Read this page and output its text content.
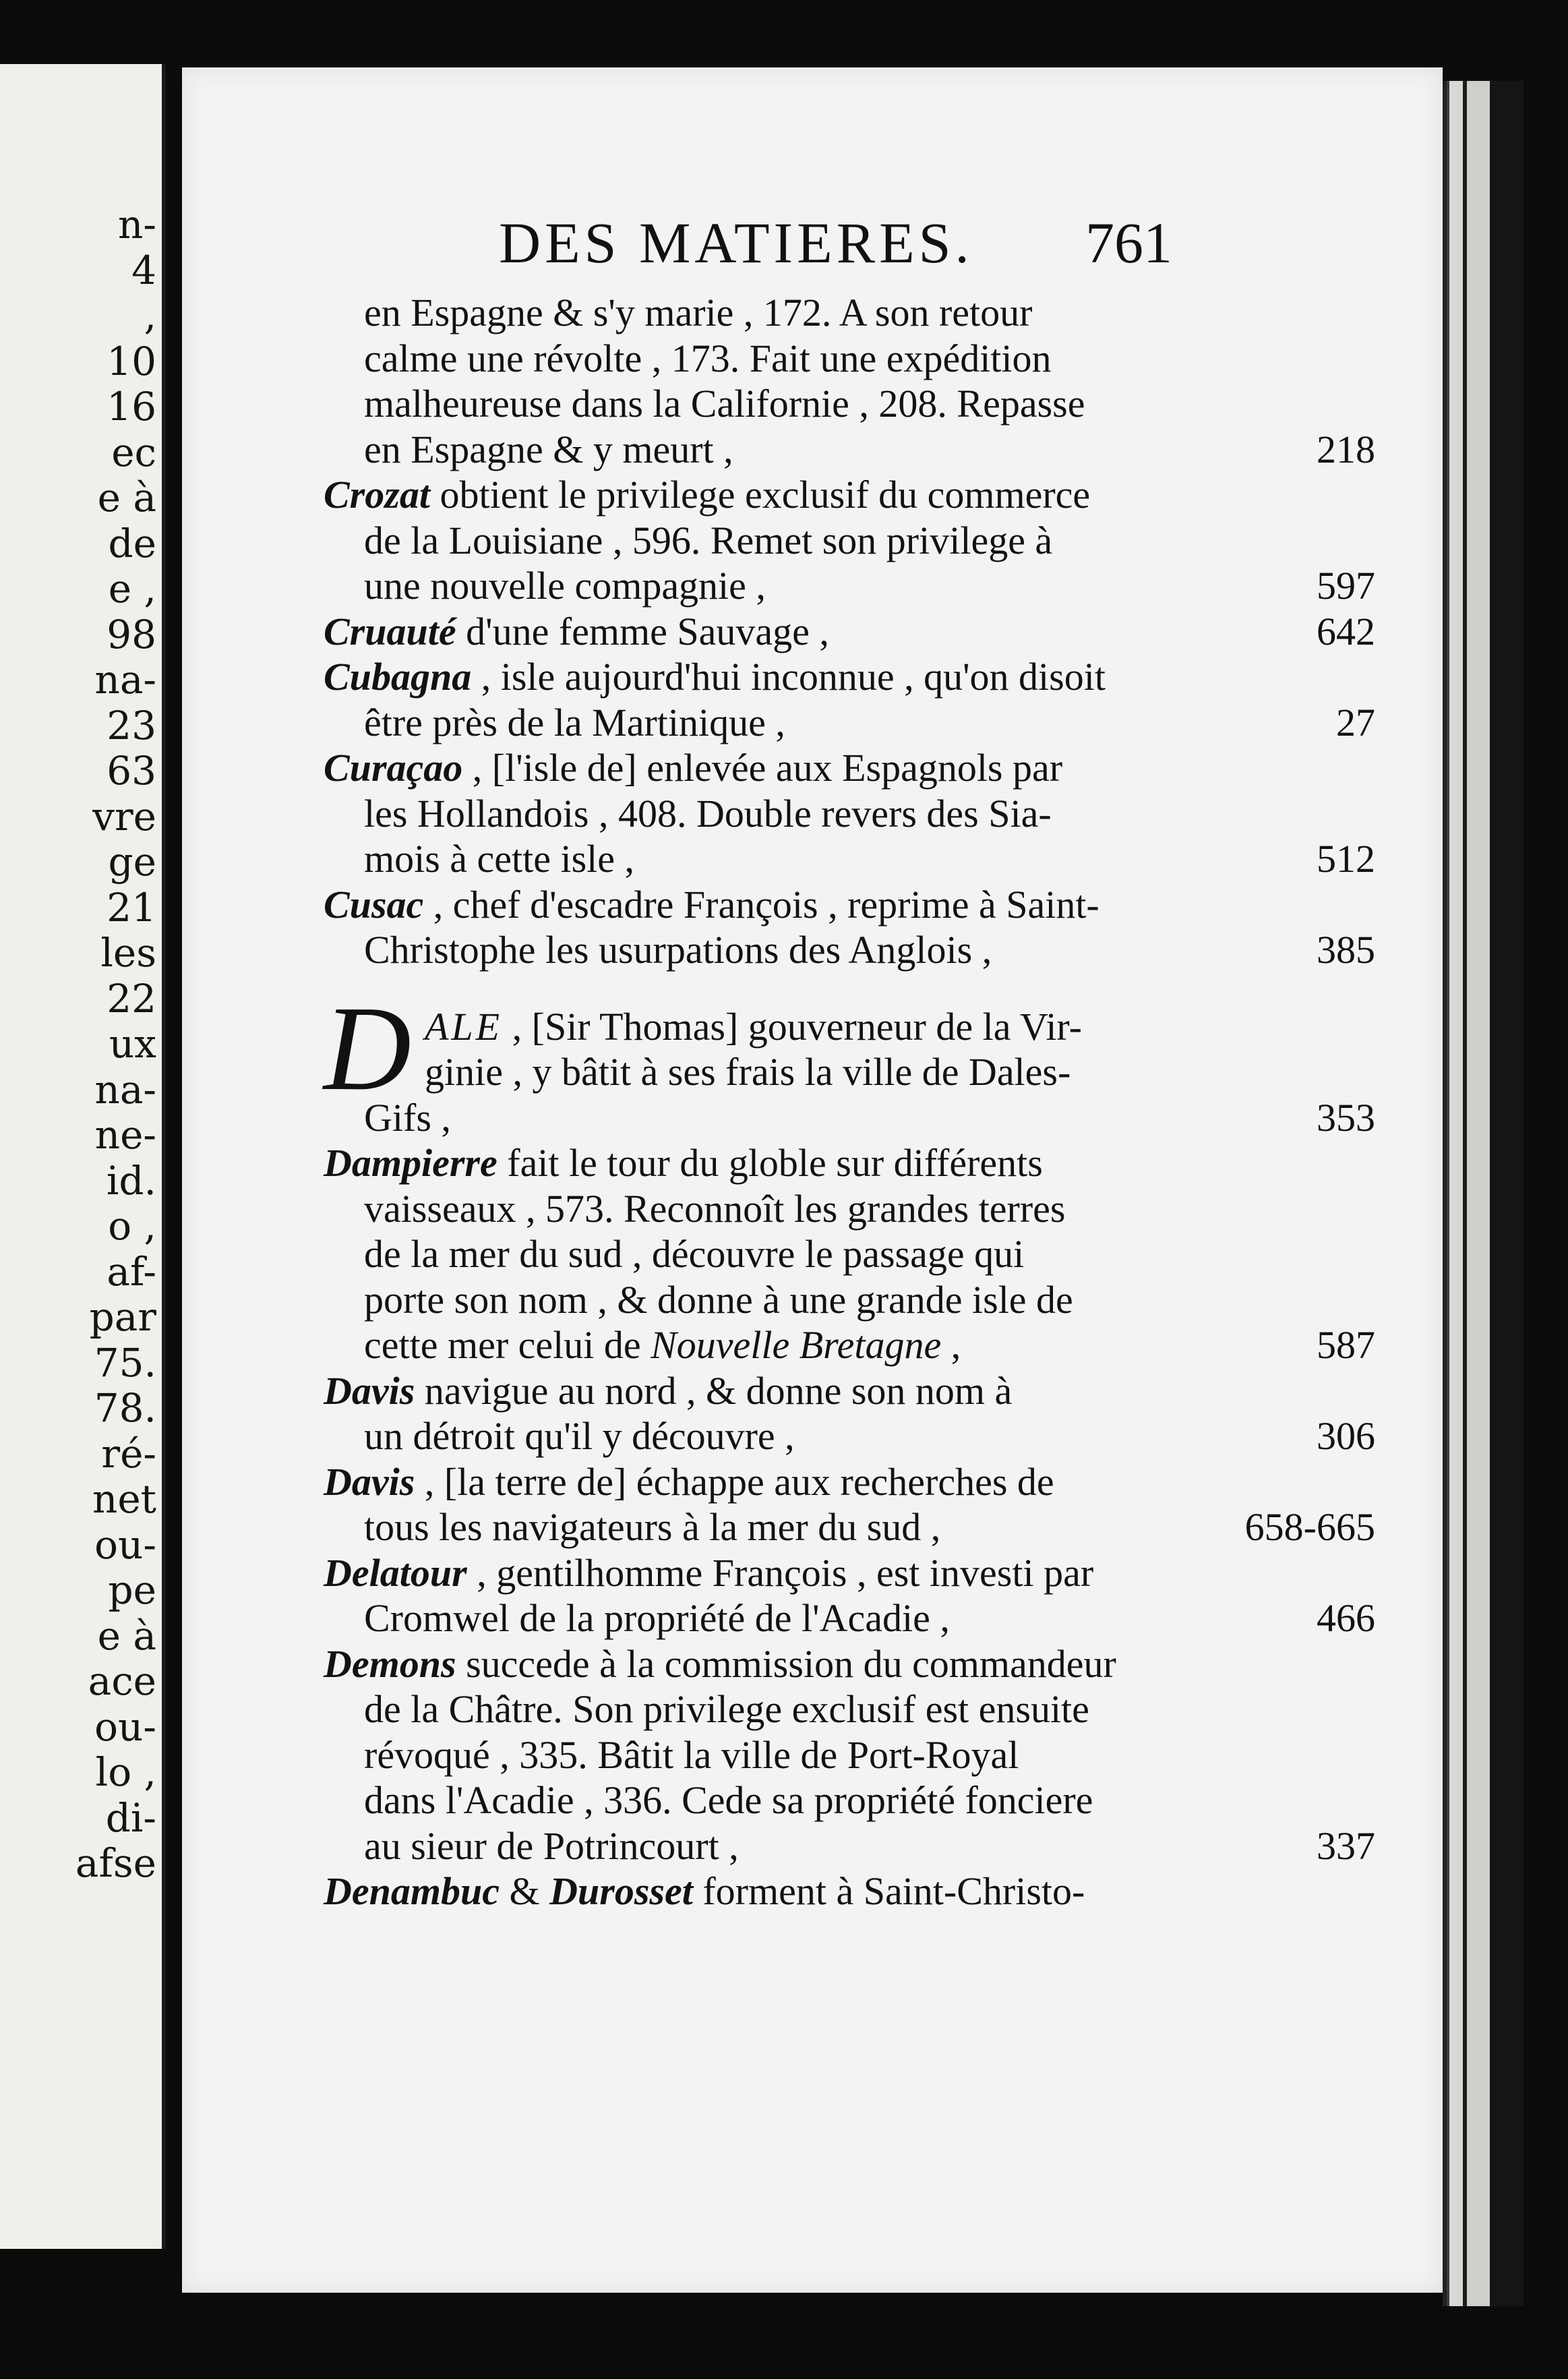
n-
4
,
10
16
ec
e à
de
e ,
98
na-
23
63
vre
ge
21
les
22
ux
na-
ne-
id.
o ,
af-
par
75.
78.
ré-
net
ou-
pe
e à
ace
ou-
lo ,
di-
afse
DES MATIERES. 761
en Espagne & s'y marie , 172. A son retour
calme une révolte , 173. Fait une expédition
malheureuse dans la Californie , 208. Repasse
en Espagne & y meurt ,	218
Crozat obtient le privilege exclusif du commerce
de la Louisiane , 596. Remet son privilege à
une nouvelle compagnie ,	597
Cruauté d'une femme Sauvage ,	642
Cubagna , isle aujourd'hui inconnue , qu'on disoit
être près de la Martinique ,	27
Curaçao , [l'isle de] enlevée aux Espagnols par
les Hollandois , 408. Double revers des Sia-
mois à cette isle ,	512
Cusac , chef d'escadre François , reprime à Saint-
Christophe les usurpations des Anglois ,	385
D ALE , [Sir Thomas] gouverneur de la Vir-
ginie , y bâtit à ses frais la ville de Dales-
Gifs ,	353
Dampierre fait le tour du globle sur différents
vaisseaux , 573. Reconnoît les grandes terres
de la mer du sud , découvre le passage qui
porte son nom , & donne à une grande isle de
cette mer celui de Nouvelle Bretagne ,	587
Davis navigue au nord , & donne son nom à
un détroit qu'il y découvre ,	306
Davis , [la terre de] échappe aux recherches de
tous les navigateurs à la mer du sud ,	658-665
Delatour , gentilhomme François , est investi par
Cromwel de la propriété de l'Acadie ,	466
Demons succede à la commission du commandeur
de la Châtre. Son privilege exclusif est ensuite
révoqué , 335. Bâtit la ville de Port-Royal
dans l'Acadie , 336. Cede sa propriété fonciere
au sieur de Potrincourt ,	337
Denambuc & Durosset forment à Saint-Christo-
